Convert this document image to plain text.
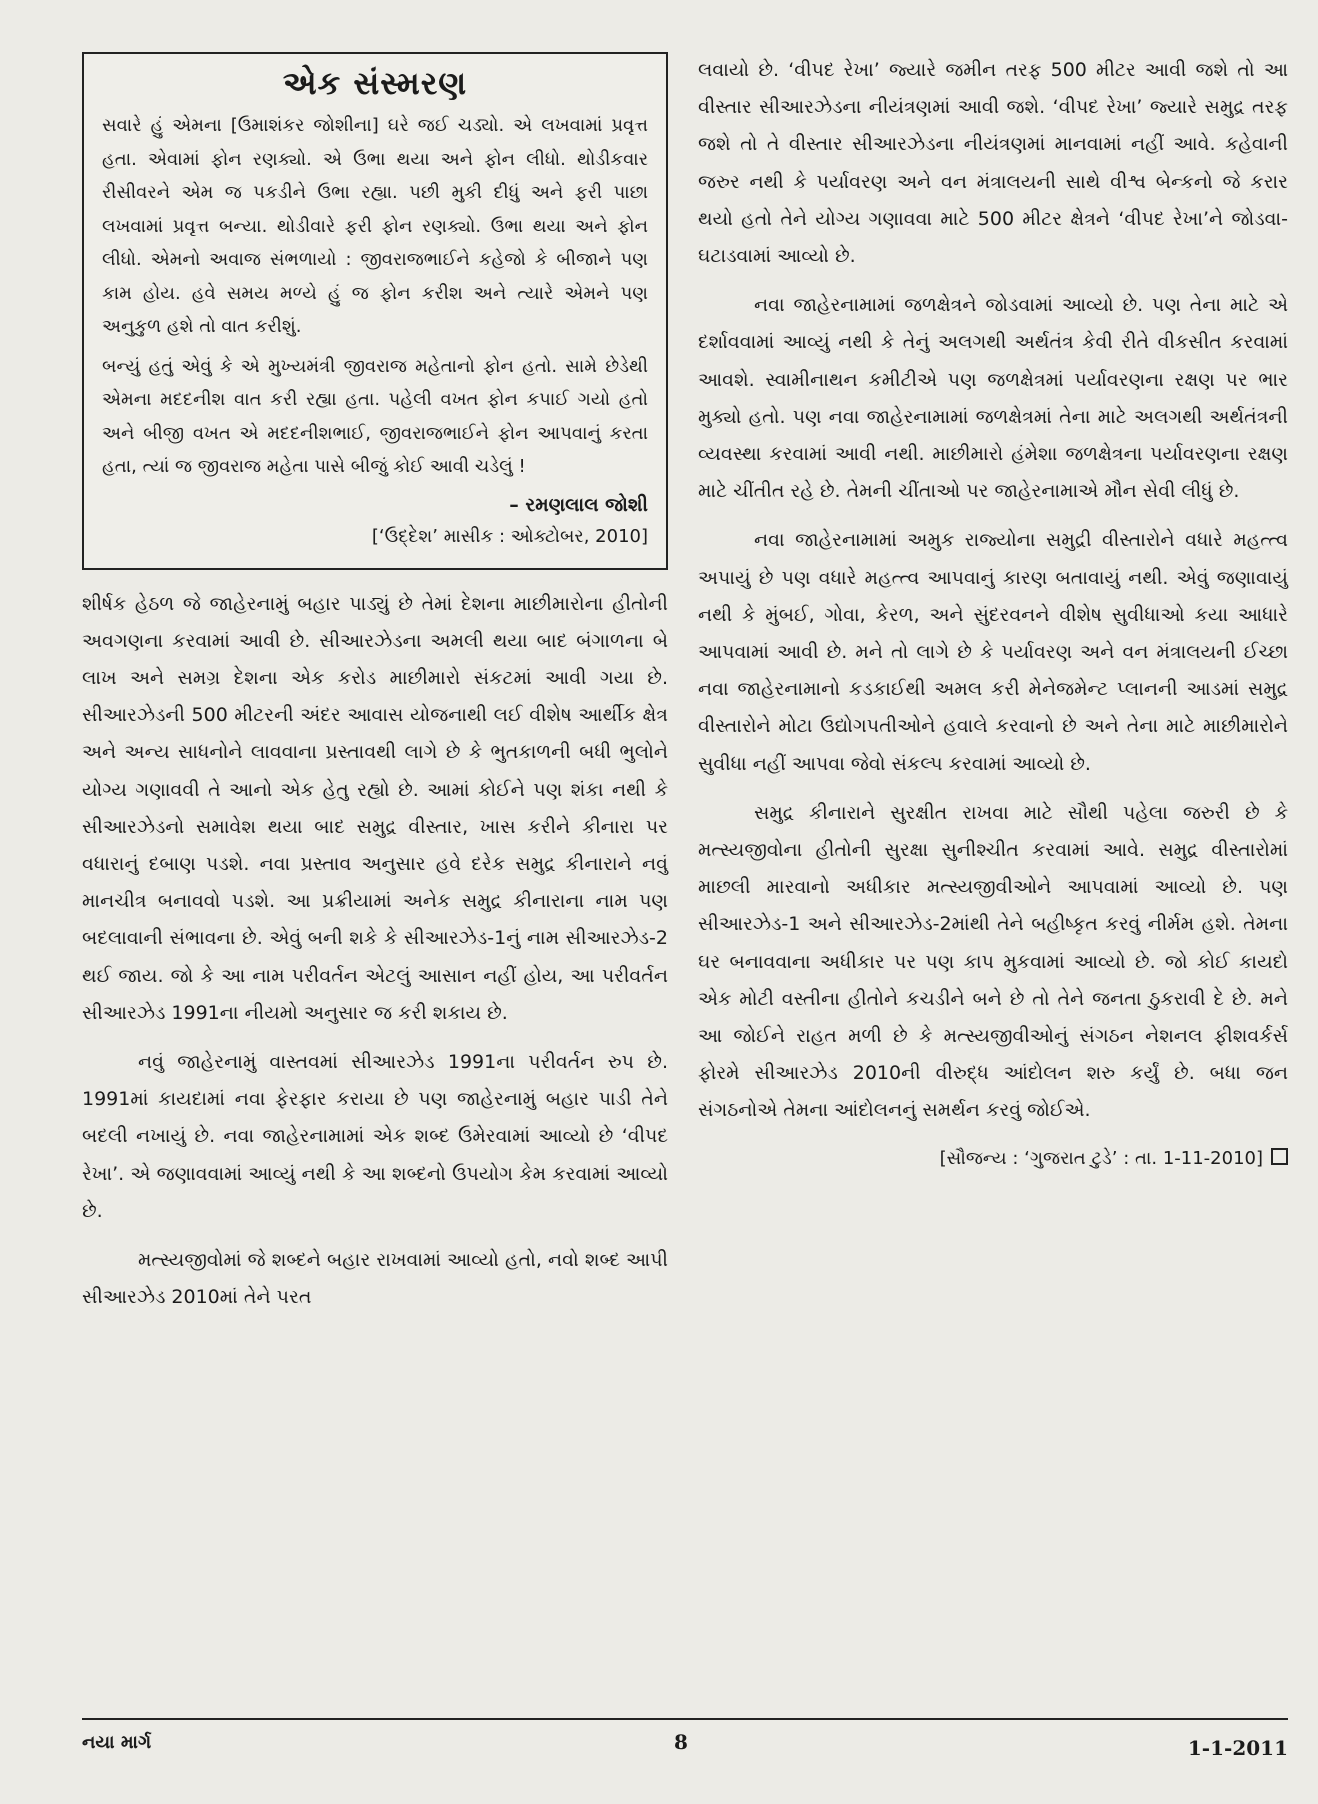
એક સંસ્મરણ

સવારે હું એમના [ઉમાશંકર જોશીના] ઘરે જઈ ચડ્યો. એ લખવામાં પ્રવૃત્ત હતા. એવામાં ફોન રણક્યો. એ ઉભા થયા અને ફોન લીધો. થોડીકવાર રીસીવરને એમ જ પકડીને ઉભા રહ્યા. પછી મુકી દીધું અને ફરી પાછા લખવામાં પ્રવૃત્ત બન્યા. થોડીવારે ફરી ફોન રણક્યો. ઉભા થયા અને ફોન લીધો. એમનો અવાજ સંભળાયો : જીવરાજભાઈને કહેજો કે બીજાને પણ કામ હોય. હવે સમય મળ્યે હું જ ફોન કરીશ અને ત્યારે એમને પણ અનુકુળ હશે તો વાત કરીશું.

બન્યું હતું એવું કે એ મુખ્યમંત્રી જીવરાજ મહેતાનો ફોન હતો. સામે છેડેથી એમના મદદનીશ વાત કરી રહ્યા હતા. પહેલી વખત ફોન કપાઈ ગયો હતો અને બીજી વખત એ મદદનીશભાઈ, જીવરાજભાઈને ફોન આપવાનું કરતા હતા, ત્યાં જ જીવરાજ મહેતા પાસે બીજું કોઈ આવી ચડેલું !

– રમણલાલ જોશી
[‘ઉદ્દેશ’ માસીક : ઓક્ટોબર, 2010]

શીર્ષક હેઠળ જે જાહેરનામું બહાર પાડ્યું છે તેમાં દેશના માછીમારોના હીતોની અવગણના કરવામાં આવી છે. સીઆરઝેડના અમલી થયા બાદ બંગાળના બે લાખ અને સમગ્ર દેશના એક કરોડ માછીમારો સંકટમાં આવી ગયા છે. સીઆરઝેડની 500 મીટરની અંદર આવાસ યોજનાથી લઈ વીશેષ આર્થીક ક્ષેત્ર અને અન્ય સાધનોને લાવવાના પ્રસ્તાવથી લાગે છે કે ભુતકાળની બધી ભુલોને યોગ્ય ગણાવવી તે આનો એક હેતુ રહ્યો છે. આમાં કોઈને પણ શંકા નથી કે સીઆરઝેડનો સમાવેશ થયા બાદ સમુદ્ર વીસ્તાર, ખાસ કરીને કીનારા પર વધારાનું દબાણ પડશે. નવા પ્રસ્તાવ અનુસાર હવે દરેક સમુદ્ર કીનારાને નવું માનચીત્ર બનાવવો પડશે. આ પ્રક્રીયામાં અનેક સમુદ્ર કીનારાના નામ પણ બદલાવાની સંભાવના છે. એવું બની શકે કે સીઆરઝેડ-1નું નામ સીઆરઝેડ-2 થઈ જાય. જો કે આ નામ પરીવર્તન એટલું આસાન નહીં હોય, આ પરીવર્તન સીઆરઝેડ 1991ના નીયમો અનુસાર જ કરી શકાય છે.

નવું જાહેરનામું વાસ્તવમાં સીઆરઝેડ 1991ના પરીવર્તન રુપ છે. 1991માં કાયદામાં નવા ફેરફાર કરાયા છે પણ જાહેરનામું બહાર પાડી તેને બદલી નખાયું છે. નવા જાહેરનામામાં એક શબ્દ ઉમેરવામાં આવ્યો છે ‘વીપદ રેખા’. એ જણાવવામાં આવ્યું નથી કે આ શબ્દનો ઉપયોગ કેમ કરવામાં આવ્યો છે.

મત્સ્યજીવોમાં જે શબ્દને બહાર રાખવામાં આવ્યો હતો, નવો શબ્દ આપી સીઆરઝેડ 2010માં તેને પરત

લવાયો છે. ‘વીપદ રેખા’ જ્યારે જમીન તરફ 500 મીટર આવી જશે તો આ વીસ્તાર સીઆરઝેડના નીયંત્રણમાં આવી જશે. ‘વીપદ રેખા’ જ્યારે સમુદ્ર તરફ જશે તો તે વીસ્તાર સીઆરઝેડના નીયંત્રણમાં માનવામાં નહીં આવે. કહેવાની જરુર નથી કે પર્યાવરણ અને વન મંત્રાલયની સાથે વીશ્વ બેન્કનો જે કરાર થયો હતો તેને યોગ્ય ગણાવવા માટે 500 મીટર ક્ષેત્રને ‘વીપદ રેખા’ને જોડવા-ઘટાડવામાં આવ્યો છે.

નવા જાહેરનામામાં જળક્ષેત્રને જોડવામાં આવ્યો છે. પણ તેના માટે એ દર્શાવવામાં આવ્યું નથી કે તેનું અલગથી અર્થતંત્ર કેવી રીતે વીકસીત કરવામાં આવશે. સ્વામીનાથન કમીટીએ પણ જળક્ષેત્રમાં પર્યાવરણના રક્ષણ પર ભાર મુક્યો હતો. પણ નવા જાહેરનામામાં જળક્ષેત્રમાં તેના માટે અલગથી અર્થતંત્રની વ્યવસ્થા કરવામાં આવી નથી. માછીમારો હંમેશા જળક્ષેત્રના પર્યાવરણના રક્ષણ માટે ચીંતીત રહે છે. તેમની ચીંતાઓ પર જાહેરનામાએ મૌન સેવી લીધું છે.

નવા જાહેરનામામાં અમુક રાજ્યોના સમુદ્રી વીસ્તારોને વધારે મહત્ત્વ અપાયું છે પણ વધારે મહત્ત્વ આપવાનું કારણ બતાવાયું નથી. એવું જણાવાયું નથી કે મુંબઈ, ગોવા, કેરળ, અને સુંદરવનને વીશેષ સુવીધાઓ કયા આધારે આપવામાં આવી છે. મને તો લાગે છે કે પર્યાવરણ અને વન મંત્રાલયની ઈચ્છા નવા જાહેરનામાનો કડકાઈથી અમલ કરી મેનેજમેન્ટ પ્લાનની આડમાં સમુદ્ર વીસ્તારોને મોટા ઉદ્યોગપતીઓને હવાલે કરવાનો છે અને તેના માટે માછીમારોને સુવીધા નહીં આપવા જેવો સંકલ્પ કરવામાં આવ્યો છે.

સમુદ્ર કીનારાને સુરક્ષીત રાખવા માટે સૌથી પહેલા જરુરી છે કે મત્સ્યજીવોના હીતોની સુરક્ષા સુનીશ્ચીત કરવામાં આવે. સમુદ્ર વીસ્તારોમાં માછલી મારવાનો અધીકાર મત્સ્યજીવીઓને આપવામાં આવ્યો છે. પણ સીઆરઝેડ-1 અને સીઆરઝેડ-2માંથી તેને બહીષ્કૃત કરવું નીર્મમ હશે. તેમના ઘર બનાવવાના અધીકાર પર પણ કાપ મુકવામાં આવ્યો છે. જો કોઈ કાયદો એક મોટી વસ્તીના હીતોને કચડીને બને છે તો તેને જનતા ઠુકરાવી દે છે. મને આ જોઈને રાહત મળી છે કે મત્સ્યજીવીઓનું સંગઠન નેશનલ ફીશવર્કર્સ ફોરમે સીઆરઝેડ 2010ની વીરુદ્ધ આંદોલન શરુ કર્યું છે. બધા જન સંગઠનોએ તેમના આંદોલનનું સમર્થન કરવું જોઈએ.

[સૌજન્ય : ‘ગુજરાત ટુડે’ : તા. 1-11-2010]
નયા માર્ગ	8	1-1-2011
